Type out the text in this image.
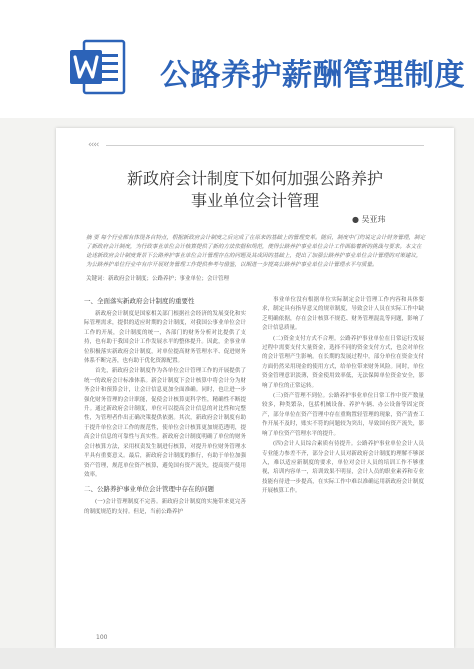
公路养护薪酬管理制度
‹‹‹‹
新政府会计制度下如何加强公路养护
事业单位会计管理
● 吴亚玮
摘 要 每个行业都有体现各自特点，根据新政府会计制度之后完成了在原来的基础上的管理变革。随后，制度中门均说定会计财务管理，制定了新政府会计制度，为行政事业单位会计核算提供了新的方法依据和规范，使得公路养护事业单位会计工作面临着新的挑战与要求。本文在论述新政府会计制度背景下公路养护事业单位会计管理存在的问题及其成因的基础上，提出了加强公路养护事业单位会计管理的对策建议，为公路养护单位行业中有序开展财务管理工作提供参考与借鉴，以期进一步提高公路养护事业单位会计管理水平与质量。
关键词：新政府会计制度；公路养护；事业单位；会计管理
一、全面落实新政府会计制度的重要性
新政府会计制度是国家相关部门根据社会经济的发展变化和实际管理需求，提供的适应时期的会计制度，对我国公事业单位会计工作的开展，会计制度的统一，各部门的财务分析对比提供了支持，也有助于我国会计工作发展水平的整体提升。因此，企事业单位积极落实新政府会计制度，对单位提高财务管理水平、促进财务体系不断完善，也有助于优化资源配置。
首先，新政府会计制度作为各单位会计管理工作的开展提供了统一的政府会计标准体系。新会计制度下会计核算中将会计分为财务会计和预算会计，让会计信息更加全面准确。同时，也让进一步强化财务管理的会计职能，促使会计核算更科学性，精确性不断提升。通过新政府会计制度，单位可以提高会计信息的对比性和完整性，为管理者作出正确决策提供依据。其次，新政府会计制度有助于提升单位会计工作的规范性，使单位会计核算更加规范透明，提高会计信息的可靠性与真实性。新政府会计制度明确了单位的财务会计核算方法，采用权责发生制进行核算，对提升单位财务管理水平具有重要意义。最后，新政府会计制度的推行，有助于单位加强资产管理，规范单位资产核算，避免国有资产流失，提高资产使用效率。
二、公路养护事业单位会计管理中存在的问题
(一)会计管理制度不完善。新政府会计制度的实施带来更完善的制度规范的支持。但是，当前公路养护
事业单位没有根据单位实际制定会计管理工作内容和具体要求，制定具有指导意义的规章制度，导致会计人员在实际工作中缺乏明确依据，存在会计核算不规范、财务管理混乱等问题，影响了会计信息质量。
(二)资金支付方式不合理。公路养护事业单位在日常运行发展过程中需要支付大量资金，选择不同的资金支付方式，也会对单位的会计管理产生影响。在长期的发展过程中，部分单位在资金支付方面仍然采用现金的使用方式，给单位带来财务风险。同时，单位资金管理意识淡薄，资金使用效率低，无法保障单位资金安全，影响了单位的正常运转。
(三)资产管理不到位。公路养护事业单位日常工作中资产数量较多，种类繁杂，包括机械设备、养护车辆、办公设备等固定资产，部分单位在资产管理中存在重购置轻管理的现象，资产清查工作开展不及时，账实不符的问题较为突出，导致国有资产流失，影响了单位资产管理水平的提升。
(四)会计人员综合素质有待提升。公路养护事业单位会计人员专业能力参差不齐，部分会计人员对新政府会计制度的理解不够深入，难以适应新制度的要求，单位对会计人员的培训工作不够重视，培训内容单一，培训效果不明显，会计人员的职业素养和专业技能有待进一步提高，在实际工作中难以准确运用新政府会计制度开展核算工作。
100
